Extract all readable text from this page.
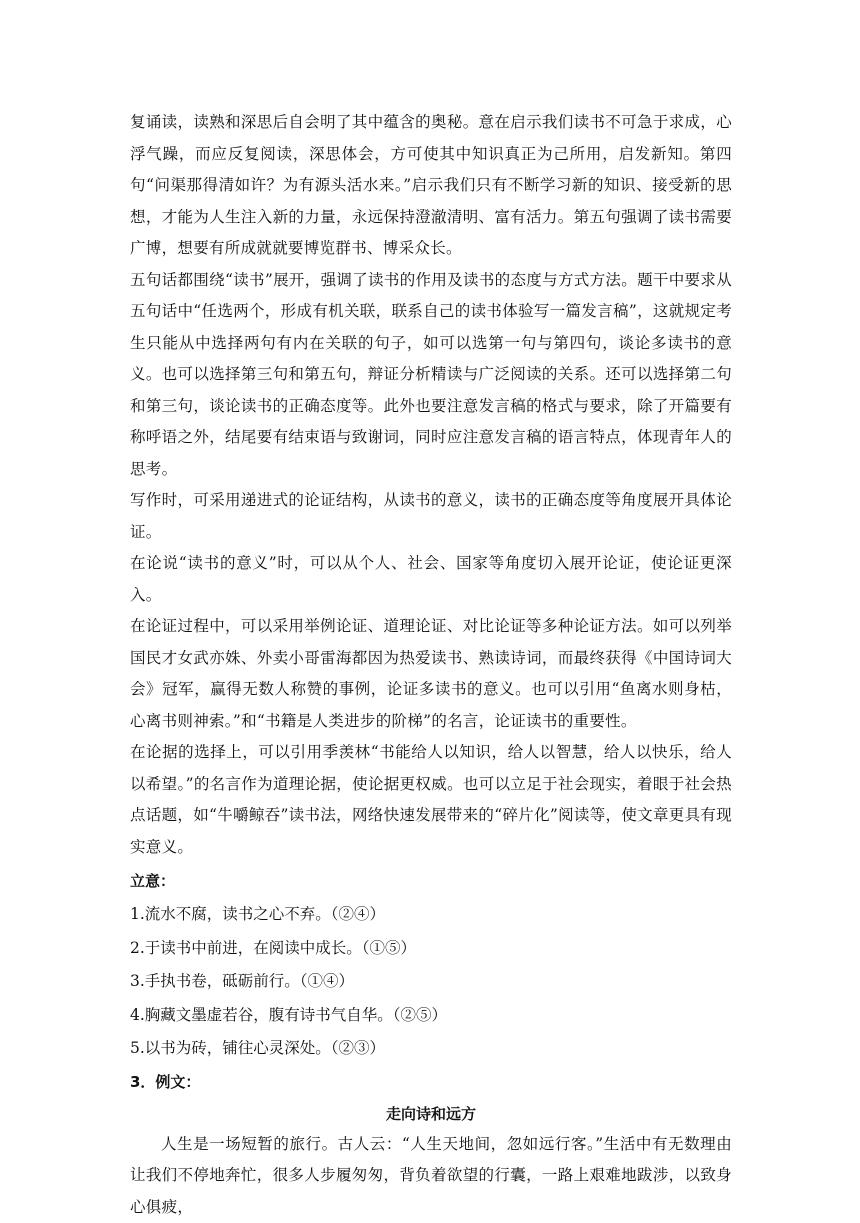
复诵读，读熟和深思后自会明了其中蕴含的奥秘。意在启示我们读书不可急于求成，心浮气躁，而应反复阅读，深思体会，方可使其中知识真正为己所用，启发新知。第四句“问渠那得清如许？为有源头活水来。”启示我们只有不断学习新的知识、接受新的思想，才能为人生注入新的力量，永远保持澄澈清明、富有活力。第五句强调了读书需要广博，想要有所成就就要博览群书、博采众长。

五句话都围绕“读书”展开，强调了读书的作用及读书的态度与方式方法。题干中要求从五句话中“任选两个，形成有机关联，联系自己的读书体验写一篇发言稿”，这就规定考生只能从中选择两句有内在关联的句子，如可以选第一句与第四句，谈论多读书的意义。也可以选择第三句和第五句，辩证分析精读与广泛阅读的关系。还可以选择第二句和第三句，谈论读书的正确态度等。此外也要注意发言稿的格式与要求，除了开篇要有称呼语之外，结尾要有结束语与致谢词，同时应注意发言稿的语言特点，体现青年人的思考。

写作时，可采用递进式的论证结构，从读书的意义，读书的正确态度等角度展开具体论证。

在论说“读书的意义”时，可以从个人、社会、国家等角度切入展开论证，使论证更深入。

在论证过程中，可以采用举例论证、道理论证、对比论证等多种论证方法。如可以列举国民才女武亦姝、外卖小哥雷海都因为热爱读书、熟读诗词，而最终获得《中国诗词大会》冠军，赢得无数人称赞的事例，论证多读书的意义。也可以引用“鱼离水则身枯，心离书则神索。”和“书籍是人类进步的阶梯”的名言，论证读书的重要性。

在论据的选择上，可以引用季羡林“书能给人以知识，给人以智慧，给人以快乐，给人以希望。”的名言作为道理论据，使论据更权威。也可以立足于社会现实，着眼于社会热点话题，如“牛嚼鲸吞”读书法，网络快速发展带来的“碎片化”阅读等，使文章更具有现实意义。

立意：

1.流水不腐，读书之心不弃。（②④）

2.于读书中前进，在阅读中成长。（①⑤）

3.手执书卷，砥砺前行。（①④）

4.胸藏文墨虚若谷，腹有诗书气自华。（②⑤）

5.以书为砖，铺往心灵深处。（②③）

3．例文：

走向诗和远方

人生是一场短暂的旅行。古人云：“人生天地间，忽如远行客。”生活中有无数理由让我们不停地奔忙，很多人步履匆匆，背负着欲望的行囊，一路上艰难地跋涉，以致身心俱疲，
